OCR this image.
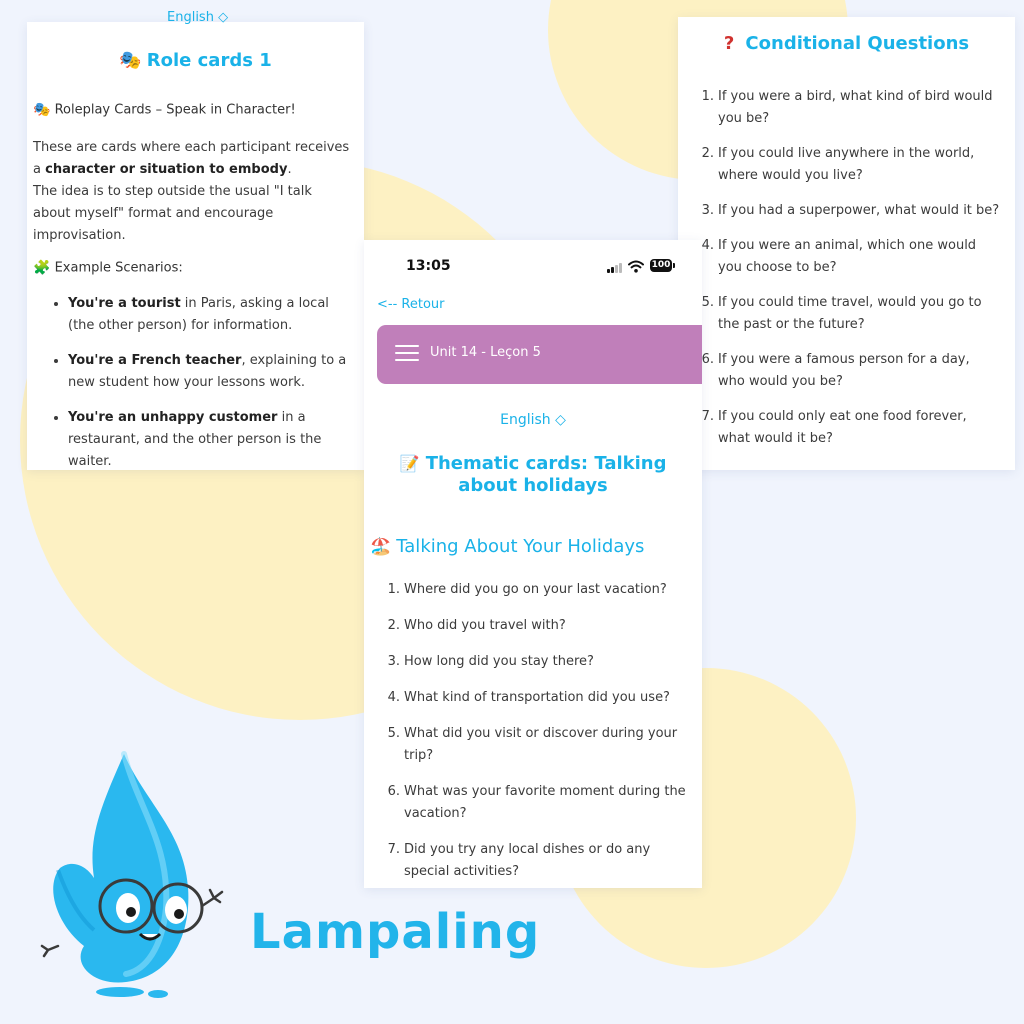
English ◇
🎭 Role cards 1
🎭 Roleplay Cards – Speak in Character!
These are cards where each participant receives
a character or situation to embody.
The idea is to step outside the usual "I talk
about myself" format and encourage
improvisation.
🧩 Example Scenarios:
• You're a tourist in Paris, asking a local
(the other person) for information.
• You're a French teacher, explaining to a
new student how your lessons work.
• You're an unhappy customer in a
restaurant, and the other person is the
waiter.
? Conditional Questions
1. If you were a bird, what kind of bird would
you be?
2. If you could live anywhere in the world,
where would you live?
3. If you had a superpower, what would it be?
4. If you were an animal, which one would
you choose to be?
5. If you could time travel, would you go to
the past or the future?
6. If you were a famous person for a day,
who would you be?
7. If you could only eat one food forever,
what would it be?
13:05	100
<-- Retour
Unit 14 - Leçon 5
English ◇
📝 Thematic cards: Talking
about holidays
🏖️ Talking About Your Holidays
1. Where did you go on your last vacation?
2. Who did you travel with?
3. How long did you stay there?
4. What kind of transportation did you use?
5. What did you visit or discover during your
trip?
6. What was your favorite moment during the
vacation?
7. Did you try any local dishes or do any
special activities?
Lampaling
